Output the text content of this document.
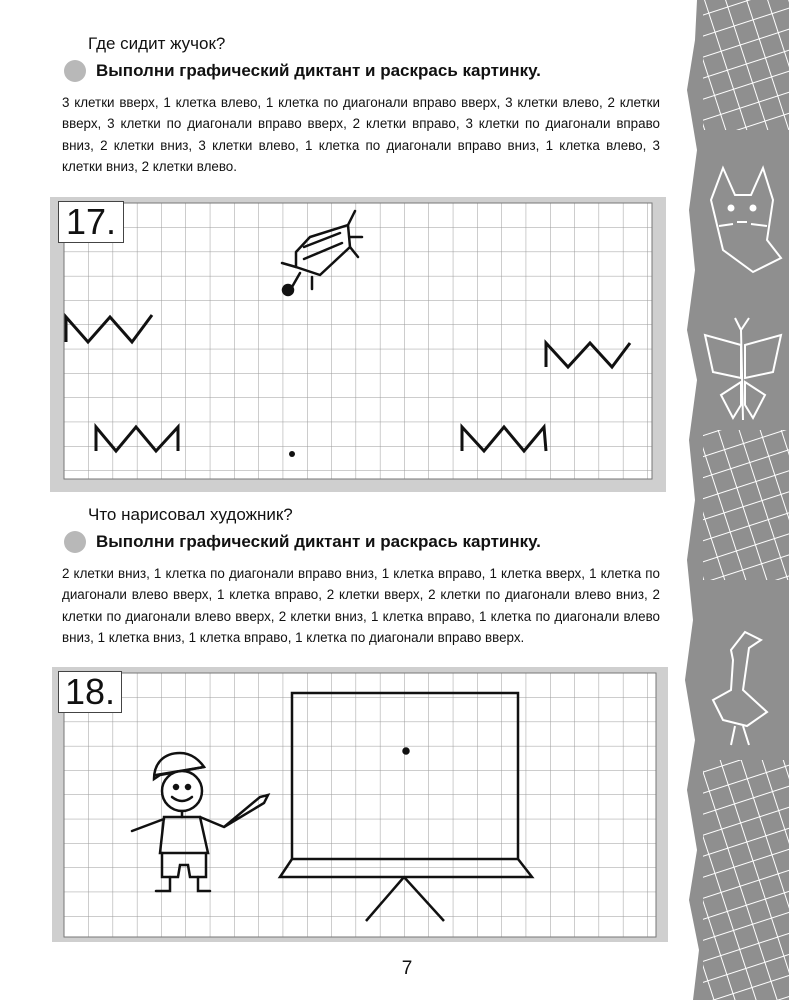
Где сидит жучок?
Выполни графический диктант и раскрась картинку.
3 клетки вверх, 1 клетка влево, 1 клетка по диагонали вправо вверх, 3 клетки влево, 2 клетки вверх, 3 клетки по диагонали вправо вверх, 2 клетки вправо, 3 клетки по диагонали вправо вниз, 2 клетки вниз, 3 клетки влево, 1 клетка по диагонали вправо вниз, 1 клетка влево, 3 клетки вниз, 2 клетки влево.
17.
Что нарисовал художник?
Выполни графический диктант и раскрась картинку.
2 клетки вниз, 1 клетка по диагонали вправо вниз, 1 клетка вправо, 1 клетка вверх, 1 клетка по диагонали влево вверх, 1 клетка вправо, 2 клетки вверх, 2 клетки по диагонали влево вниз, 2 клетки по диагонали влево вверх, 2 клетки вниз, 1 клетка вправо, 1 клетка по диагонали влево вниз, 1 клетка вниз, 1 клетка вправо, 1 клетка по диагонали вправо вверх.
18.
7
